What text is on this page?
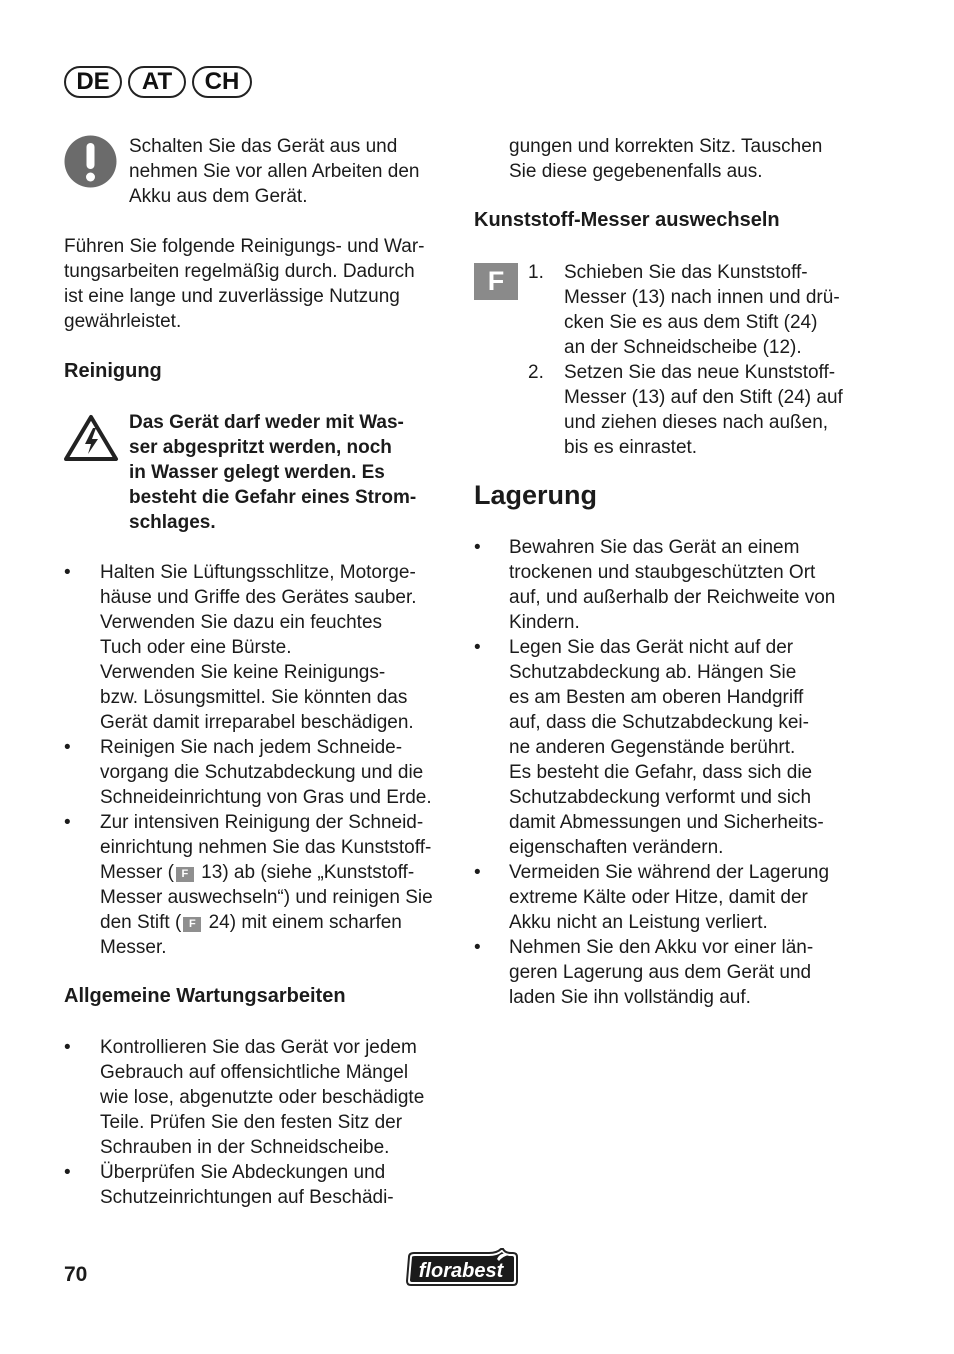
DE	AT	CH
Schalten Sie das Gerät aus und
nehmen Sie vor allen Arbeiten den
Akku aus dem Gerät.
Führen Sie folgende Reinigungs- und War-
tungsarbeiten regelmäßig durch. Dadurch
ist eine lange und zuverlässige Nutzung
gewährleistet.
Reinigung
Das Gerät darf weder mit Was-
ser abgespritzt werden, noch
in Wasser gelegt werden. Es
besteht die Gefahr eines Strom-
schlages.
• Halten Sie Lüftungsschlitze, Motorge-
häuse und Griffe des Gerätes sauber.
Verwenden Sie dazu ein feuchtes
Tuch oder eine Bürste.
Verwenden Sie keine Reinigungs-
bzw. Lösungsmittel. Sie könnten das
Gerät damit irreparabel beschädigen.
• Reinigen Sie nach jedem Schneide-
vorgang die Schutzabdeckung und die
Schneideinrichtung von Gras und Erde.
• Zur intensiven Reinigung der Schneid-
einrichtung nehmen Sie das Kunststoff-
Messer ( F 13) ab (siehe „Kunststoff-
Messer auswechseln“) und reinigen Sie
den Stift ( F 24) mit einem scharfen
Messer.
Allgemeine Wartungsarbeiten
• Kontrollieren Sie das Gerät vor jedem
Gebrauch auf offensichtliche Mängel
wie lose, abgenutzte oder beschädigte
Teile. Prüfen Sie den festen Sitz der
Schrauben in der Schneidscheibe.
• Überprüfen Sie Abdeckungen und
Schutzeinrichtungen auf Beschädi-
gungen und korrekten Sitz. Tauschen
Sie diese gegebenenfalls aus.
Kunststoff-Messer auswechseln
F	1. Schieben Sie das Kunststoff-
Messer (13) nach innen und drü-
cken Sie es aus dem Stift (24)
an der Schneidscheibe (12).
2. Setzen Sie das neue Kunststoff-
Messer (13) auf den Stift (24) auf
und ziehen dieses nach außen,
bis es einrastet.
Lagerung
• Bewahren Sie das Gerät an einem
trockenen und staubgeschützten Ort
auf, und außerhalb der Reichweite von
Kindern.
• Legen Sie das Gerät nicht auf der
Schutzabdeckung ab. Hängen Sie
es am Besten am oberen Handgriff
auf, dass die Schutzabdeckung kei-
ne anderen Gegenstände berührt.
Es besteht die Gefahr, dass sich die
Schutzabdeckung verformt und sich
damit Abmessungen und Sicherheits-
eigenschaften verändern.
• Vermeiden Sie während der Lagerung
extreme Kälte oder Hitze, damit der
Akku nicht an Leistung verliert.
• Nehmen Sie den Akku vor einer län-
geren Lagerung aus dem Gerät und
laden Sie ihn vollständig auf.
70	florabest
